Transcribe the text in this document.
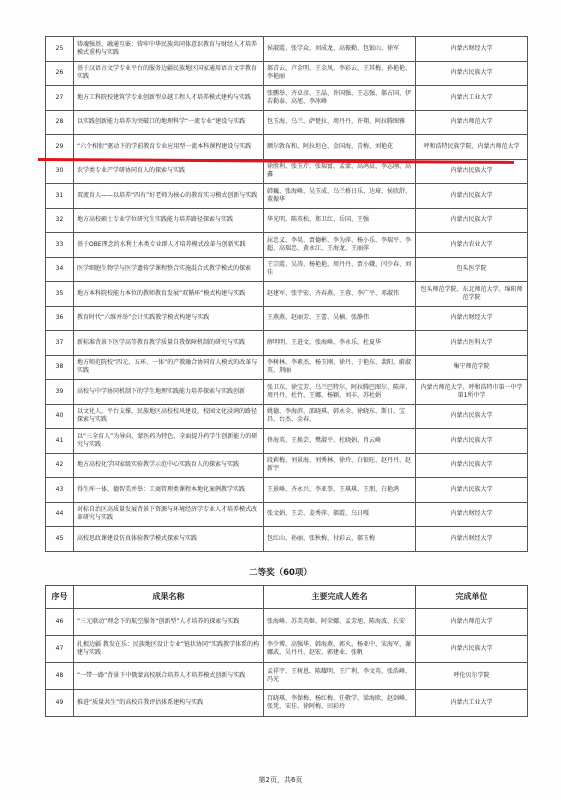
25	铸魂强基、融通互嵌：铸牢中华民族共同体意识教育与财经人才培养模式重构与实践	侯淑霞、张学众、刘成龙、高振勤、包银山、徐军	内蒙古财经大学
26	基于汉语言文学专业平台的服务边疆民族地区国家通用语言文字教育实践	郝青云、卢金明、王金凤、李彩云、王其梅、孙艳艳、李艳丽	内蒙古民族大学
27	地方工科院校建筑学专业创新型卓越工程人才培养模式建构与实践	张鹏举、齐卓彦、王晶、许国强、王志强、郝占国、伊若勒泰、高旭、李冰峰	内蒙古工业大学
28	以实践创新能力培养为突破口的地理科学“一流专业”建设与实践	包玉海、乌兰、萨楚拉、周丹丹、许翔、阿拉腾图雅	内蒙古师范大学
29	“六个相衔”驱动下的学前教育专业应用型一流本科课程建设与实践	额尔敦布和、阿拉坦仓、金国海、青梅、刘艳花	呼和浩特民族学院、内蒙古师范大学
30	农学类专业产学研协同育人的探索与实践	徐胜利、张玉芹、张瑞富、孟蒙、高鸿晨、李志刚、高鑫	内蒙古民族大学
31	双流育人——以培养“四有”好老师为核心的教育实习模式创新与实践	韩巍、张海峰、吴玉成、乌兰格日乐、达琦、侯欣舒、董振华	内蒙古民族大学
32	地方高校硕士专业学位研究生实践能力培养路径探索与实践	华光明、陈英松、郑卫红、岳国、王强	内蒙古民族大学
33	基于OBE理念的水利土木类专业群人才培养模式改革与创新实践	屈忠义、李昊、贾德彬、李为萍、杨小乐、李瑞平、李超、高瑞忠、黄永江、王海龙、王丽萍	内蒙古农业大学
34	医学细胞生物学与医学遗传学课程整合实施混合式教学模式的探索	王宗霞、吴涛、杨艳艳、周丹丹、贾小娥、闫少春、刘佳	包头医学院
35	地方本科院校能力本位的教师教育发展“双循环”模式构建与实践	赵建军、张宇宏、齐春燕、王蓉、李广平、邓淑伟	包头师范学院、东北师范大学、绵阳师范学院
36	教育时代“六维并举”会计实践教学模式构建与实践	王燕燕、赵丽芳、王蕾、吴楠、张静伟	内蒙古财经大学
37	新标准背景下医学高等教育教学质量自我保障机制的研究与实践	薛明明、王进文、张海峰、李永乐、杜夏华	内蒙古医科大学
38	地方师范院校“四元、五环、一体”的产教融合协同育人模式的改革与实践	李树林、李素杰、杨玉刚、徐丹、于艳东、裴阳、蔚淑英、荆丽	集宁师范学院
39	高校与中学协同机制下的学生地理实践能力培养探索与实践创新	张卫东、徐宝芳、乌兰巴特尔、阿拉腾巴图尔、陈萍、周丹丹、杜竹、王娜、杨颖、刘丰、苏杜娟	内蒙古师范大学、呼和浩特市第一中学第1所中学
40	以文化人，平台支撑，民族地区高校校风建设，校园文化浸润的路径探索与实践	姚德、李海滨、邵晓琪、韩永全、徐晓东、斯日、宝昌、台杰、金春、	内蒙古民族大学
41	以“三全育人”为导向，蒙医药为特色，全面提升药学生创新能力的研究与实践	佟海英、王换芸、樊淑平、杜晓娟、肖云峰	内蒙古民族大学
42	地方高校化学国家级实验教学示范中心实践育人的探索与实践	段莉梅、刘景海、刘秀林、徐玲、白银旺、赵丹丹、赵新宇	内蒙古民族大学
43	得生库一体、德智美并举：工商管理类课程本地化案例教学实践	王景峰、齐永兴、李亚奎、王琪琪、王朋、白艳鸿	内蒙古民族大学
44	对标自治区高质量发展背景下资源与环境经济学专业人才培养模式改革研究与实践	张文娟、王芸、姜秀萍、郝霞、乌日嘎	内蒙古财经大学
45	高校思政课建设仿真体验教学模式探索与实践	包红山、孙丽、张秋梅、付彩云、郝玉梅	内蒙古财经大学
二等奖（60项）
序号	成果名称	主要完成人姓名	完成单位
46	“三元联动”理念下的航空服务“创新型”人才培养的探索与实践	张海峰、苏美英姬、阿荣娜、孟芳旭、陈海波、长安	内蒙古师范大学
47	扎根边疆 教发在乐：民族地区设计专业“链状协同”实践教学体系的构建与实践	李少博、高强华、韩海燕、郭火、杨亚中、宋海军、谢娜武、吴丹丹、赵宏、郭建业、张帆	内蒙古民族大学
48	“一带一路”背景下中俄蒙高校联合培养人才培养模式创新与实践	孟祥宇、王树恩、陈耀明、王广利、李文英、张浩峰、冯光	呼伦贝尔学院
49	推进“质量共生”的高校自我评估体系建构与实践	百晓琪、李保梅、杨红梅、任敬学、梁海欧、赵剑峰、张凭、宋佳、徐阿梅、田彩玲	内蒙古工业大学
第2页，共6页
